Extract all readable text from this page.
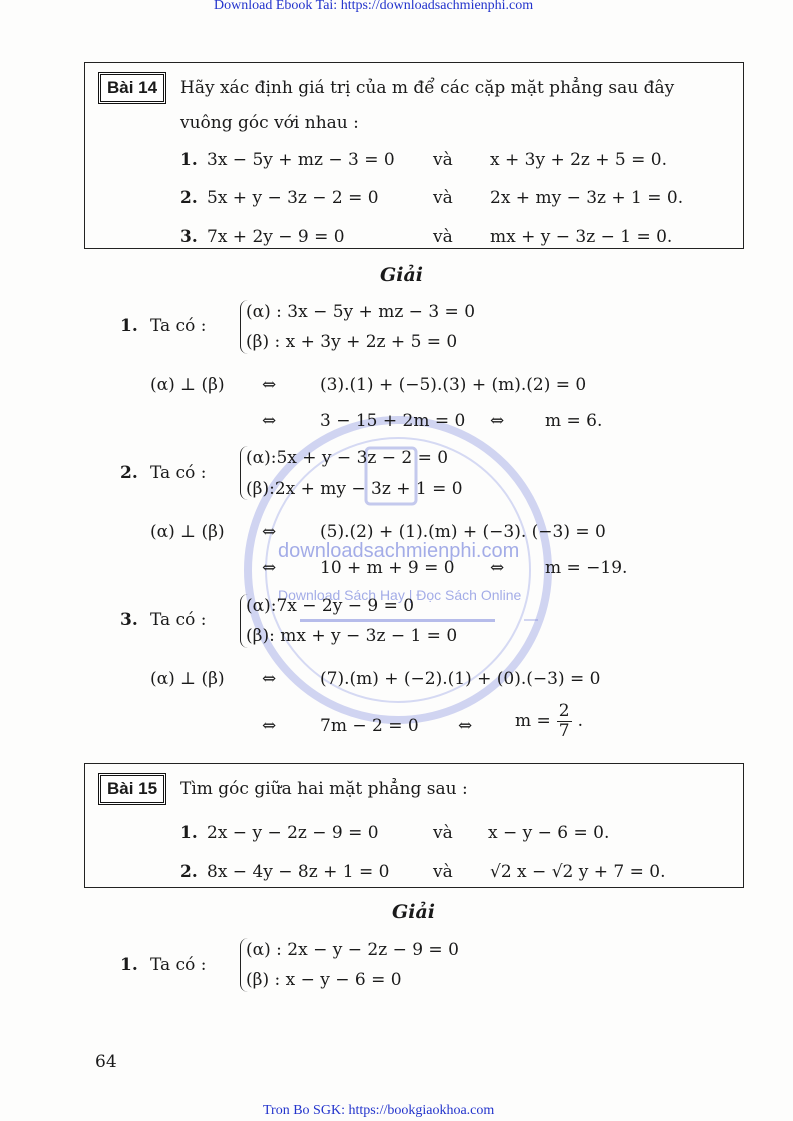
Download Ebook Tai: https://downloadsachmienphi.com
Tron Bo SGK: https://bookgiaokhoa.com
64
downloadsachmienphi.com
Download Sách Hay | Đọc Sách Online
Bài 14	Hãy xác định giá trị của m để các cặp mặt phẳng sau đây
vuông góc với nhau :
1. 3x − 5y + mz − 3 = 0 và x + 3y + 2z + 5 = 0.
2. 5x + y − 3z − 2 = 0	và 2x + my − 3z + 1 = 0.
3. 7x + 2y − 9 = 0	và mx + y − 3z − 1 = 0.
Giải
1. Ta có :
(α) : 3x − 5y + mz − 3 = 0
(β) : x + 3y + 2z + 5 = 0
(α) ⊥ (β) ⇔	(3).(1) + (−5).(3) + (m).(2) = 0
⇔	3 − 15 + 2m = 0 ⇔ m = 6.
2. Ta có :
(α):5x + y − 3z − 2 = 0
(β):2x + my − 3z + 1 = 0
(α) ⊥ (β) ⇔	(5).(2) + (1).(m) + (−3). (−3) = 0
⇔	10 + m + 9 = 0 ⇔ m = −19.
3. Ta có :
(α):7x − 2y − 9 = 0
(β): mx + y − 3z − 1 = 0
(α) ⊥ (β) ⇔	(7).(m) + (−2).(1) + (0).(−3) = 0
⇔	7m − 2 = 0 ⇔	$m = \frac{2}{7}$ .
Bài 15	Tìm góc giữa hai mặt phẳng sau :
1. 2x − y − 2z − 9 = 0	và x − y − 6 = 0.
2. 8x − 4y − 8z + 1 = 0	và √2 x − √2 y + 7 = 0.
Giải
1. Ta có :
(α) : 2x − y − 2z − 9 = 0
(β) : x − y − 6 = 0
